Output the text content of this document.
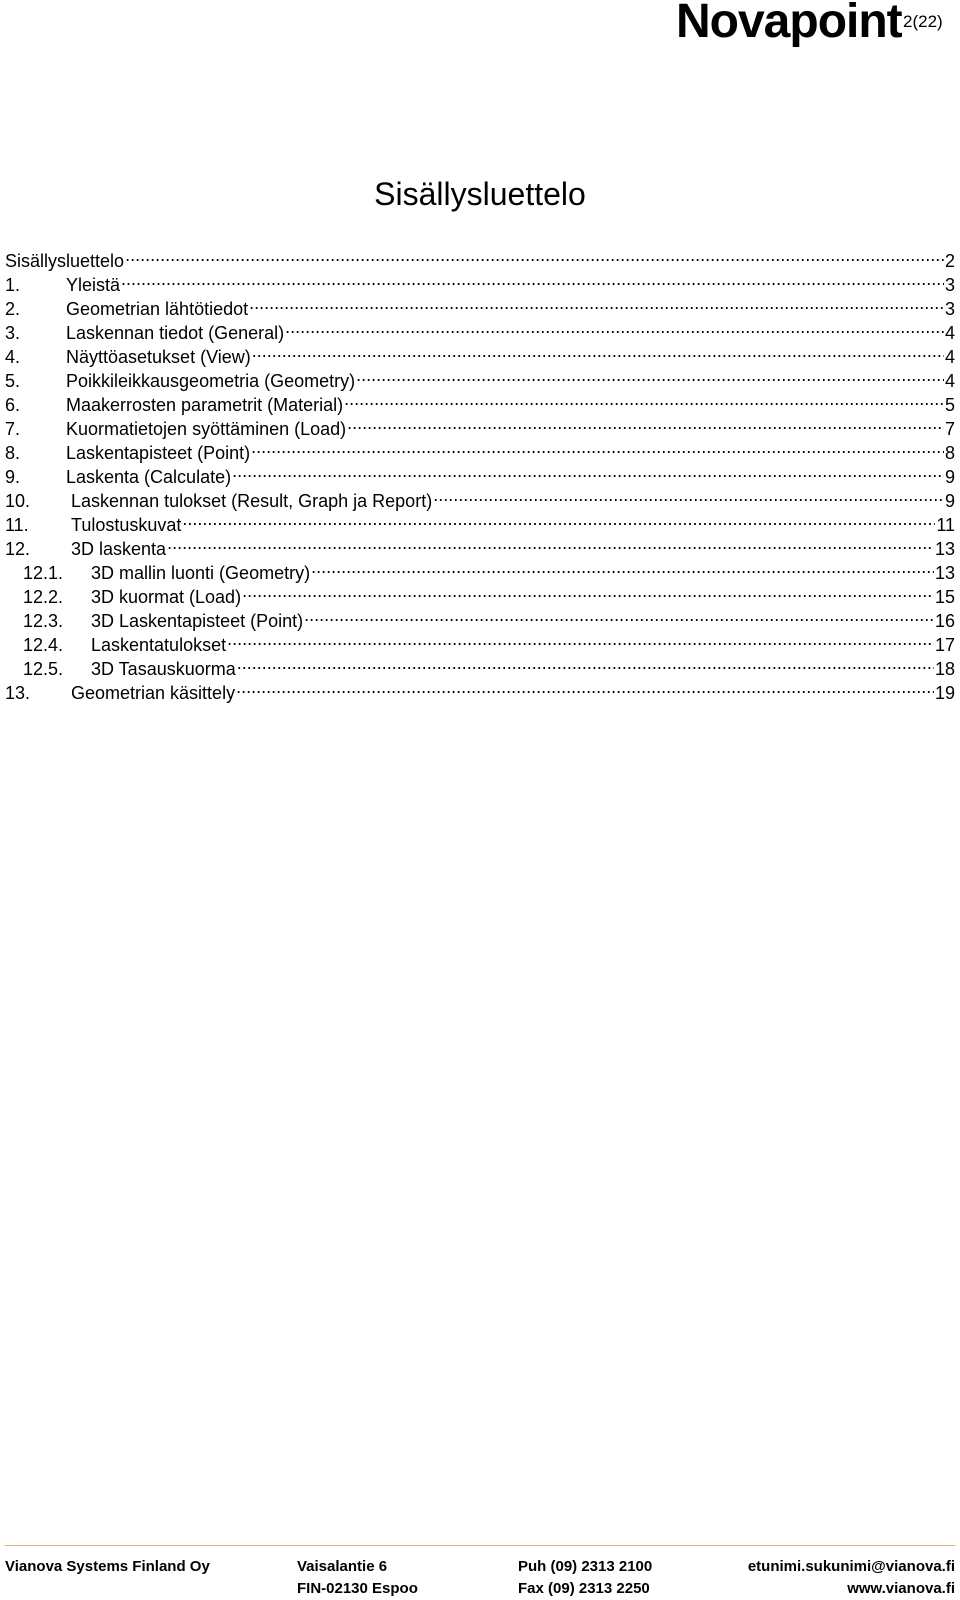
Novapoint 2(22)
Sisällysluettelo
Sisällysluettelo .....	2
1.	Yleistä .....	3
2.	Geometrian lähtötiedot .....	3
3.	Laskennan tiedot (General) .....	4
4.	Näyttöasetukset (View) .....	4
5.	Poikkileikkausgeometria (Geometry) .....	4
6.	Maakerrosten parametrit (Material) .....	5
7.	Kuormatietojen syöttäminen (Load) .....	7
8.	Laskentapisteet (Point) .....	8
9.	Laskenta (Calculate) .....	9
10.	Laskennan tulokset (Result, Graph ja Report) .....	9
11.	Tulostuskuvat .....	11
12.	3D laskenta .....	13
12.1.	3D mallin luonti (Geometry) .....	13
12.2.	3D kuormat (Load) .....	15
12.3.	3D Laskentapisteet (Point) .....	16
12.4.	Laskentatulokset .....	17
12.5.	3D Tasauskuorma .....	18
13.	Geometrian käsittely .....	19
Vianova Systems Finland Oy	Vaisalantie 6
FIN-02130 Espoo
Puh (09) 2313 2100
Fax (09) 2313 2250
etunimi.sukunimi@vianova.fi
www.vianova.fi
